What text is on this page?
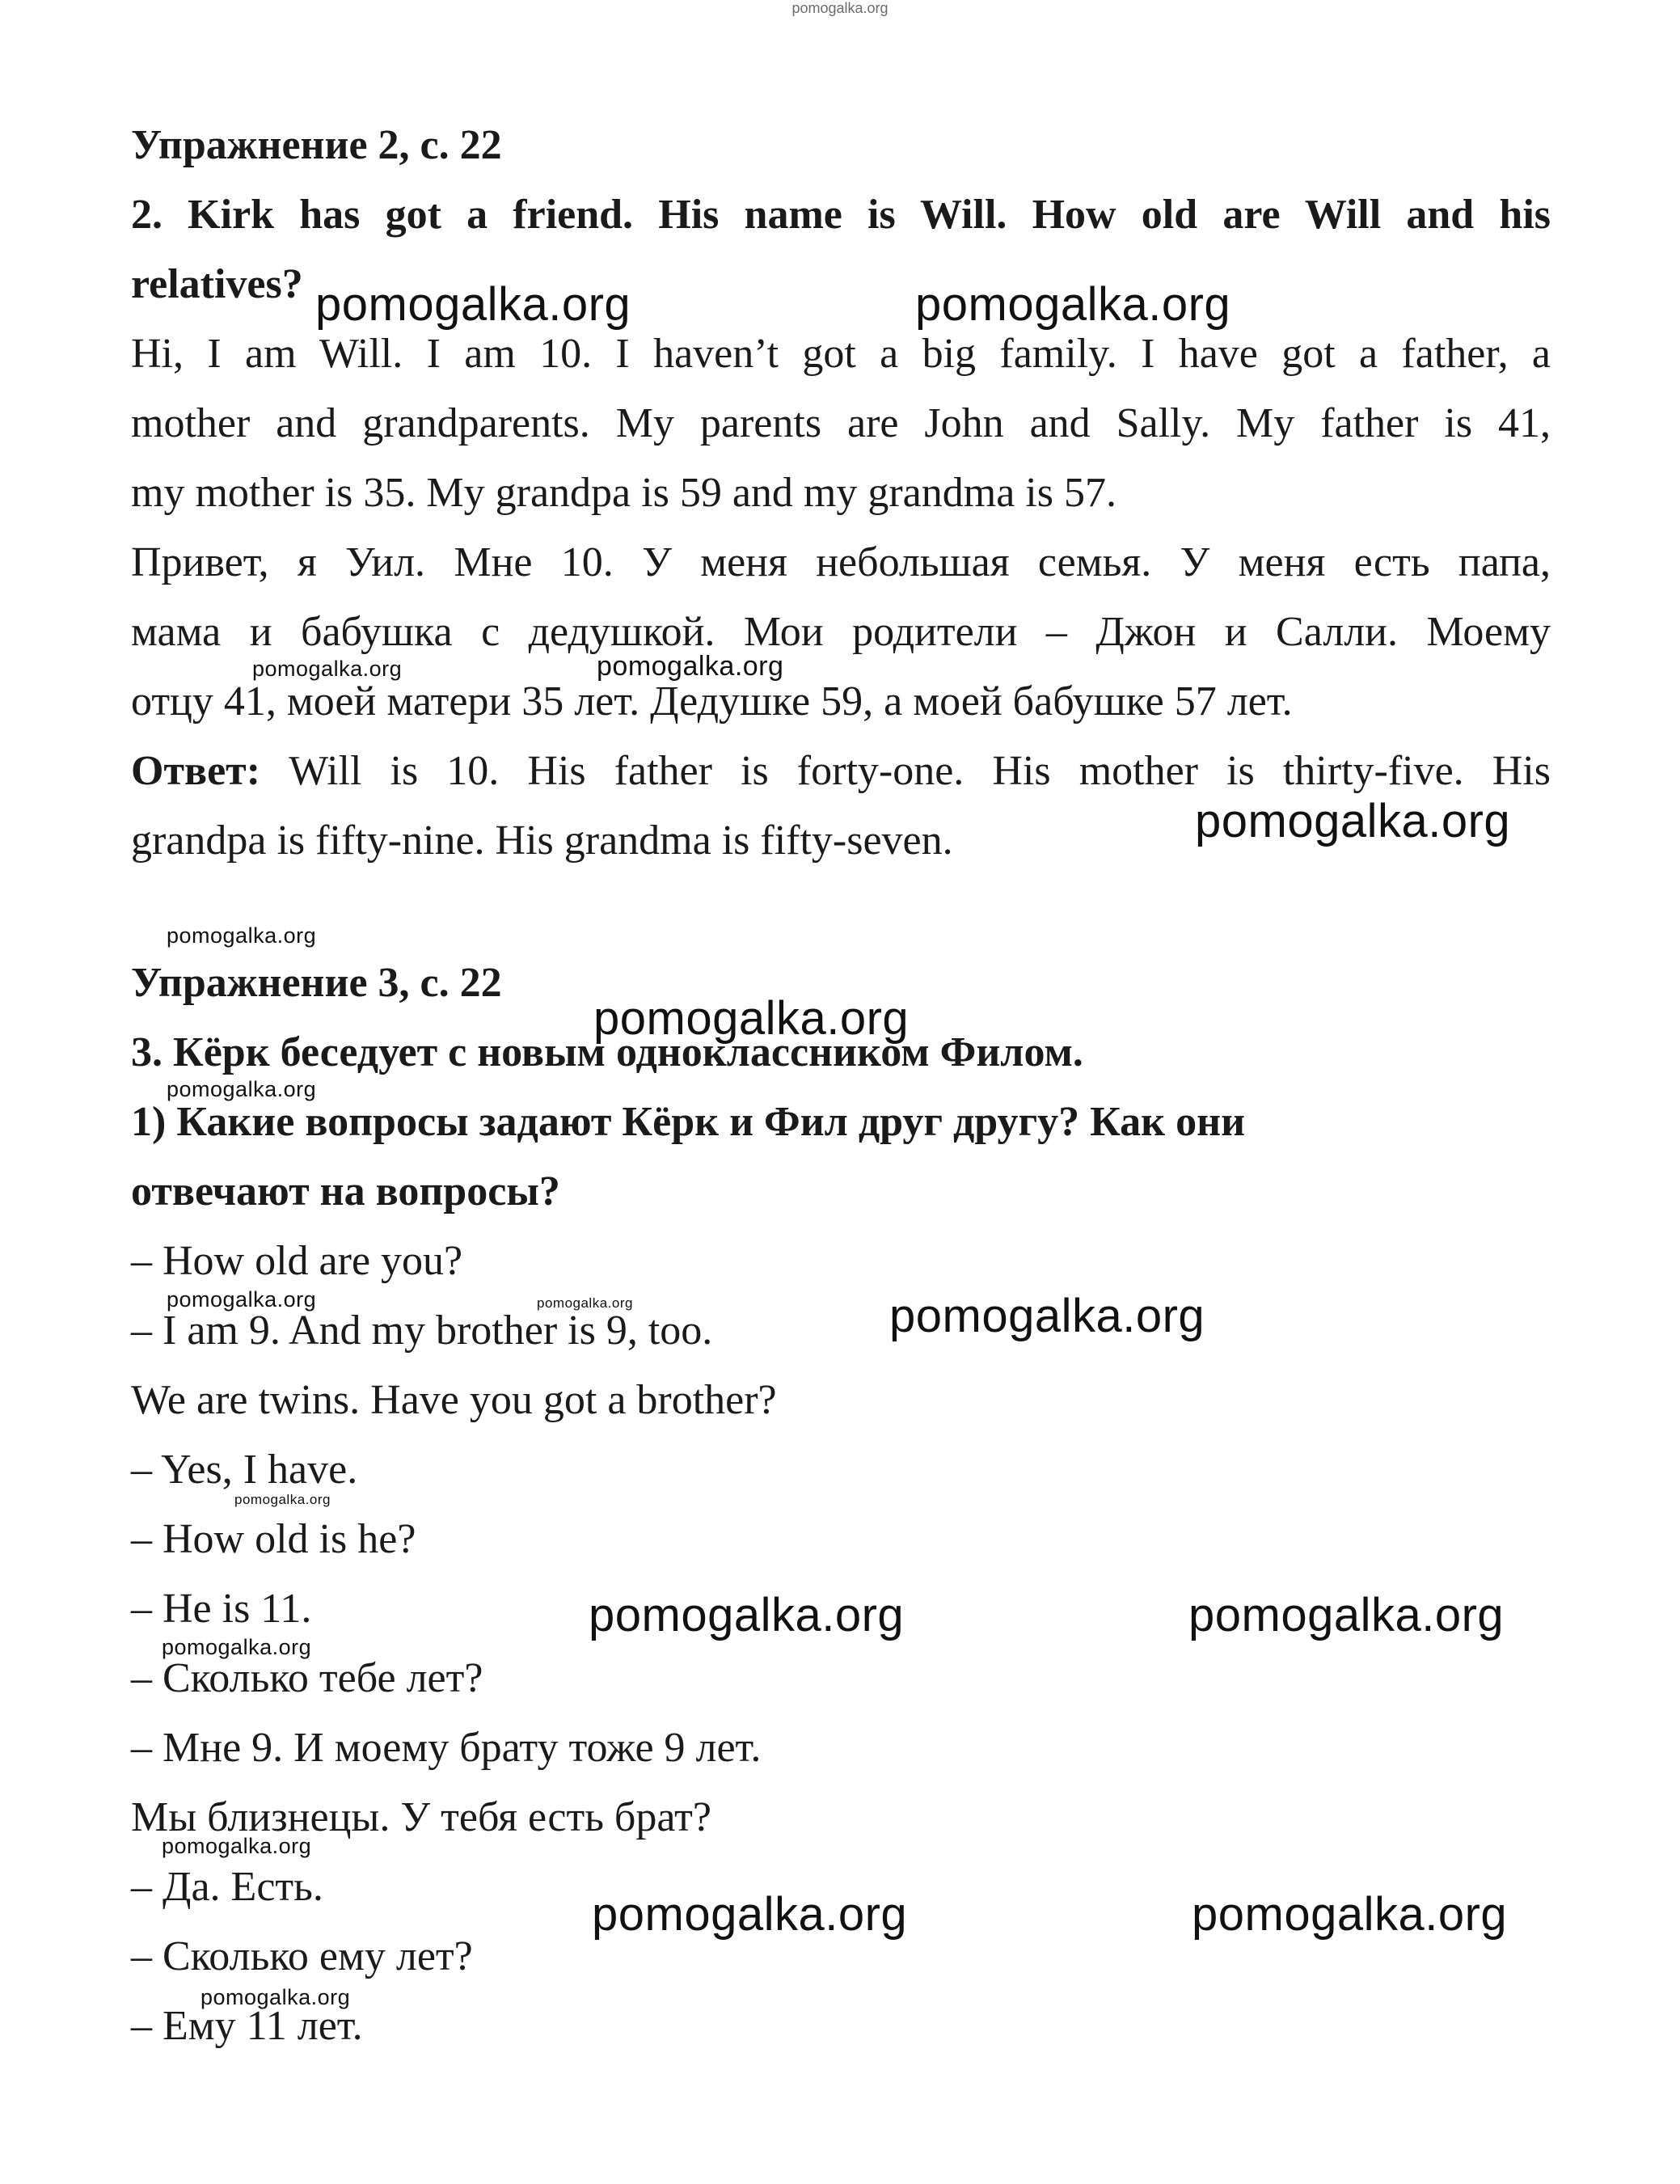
pomogalka.org
Упражнение 2, с. 22
2. Kirk has got a friend. His name is Will. How old are Will and his
relatives?
Hi, I am Will. I am 10. I haven’t got a big family. I have got a father, a
mother and grandparents. My parents are John and Sally. My father is 41,
my mother is 35. My grandpa is 59 and my grandma is 57.
Привет, я Уил. Мне 10. У меня небольшая семья. У меня есть папа,
мама и бабушка с дедушкой. Мои родители – Джон и Салли. Моему
отцу 41, моей матери 35 лет. Дедушке 59, а моей бабушке 57 лет.
Ответ: Will is 10. His father is forty-one. His mother is thirty-five. His
grandpa is fifty-nine. His grandma is fifty-seven.
Упражнение 3, с. 22
3. Кёрк беседует с новым одноклассником Филом.
1) Какие вопросы задают Кёрк и Фил друг другу? Как они
отвечают на вопросы?
– How old are you?
– I am 9. And my brother is 9, too.
We are twins. Have you got a brother?
– Yes, I have.
– How old is he?
– He is 11.
– Сколько тебе лет?
– Мне 9. И моему брату тоже 9 лет.
Мы близнецы. У тебя есть брат?
– Да. Есть.
– Сколько ему лет?
– Ему 11 лет.
pomogalka.org	pomogalka.org
pomogalka.org	pomogalka.org
pomogalka.org
pomogalka.org
pomogalka.org
pomogalka.org
pomogalka.org	pomogalka.org	pomogalka.org
pomogalka.org
pomogalka.org	pomogalka.org
pomogalka.org
pomogalka.org
pomogalka.org	pomogalka.org
pomogalka.org
